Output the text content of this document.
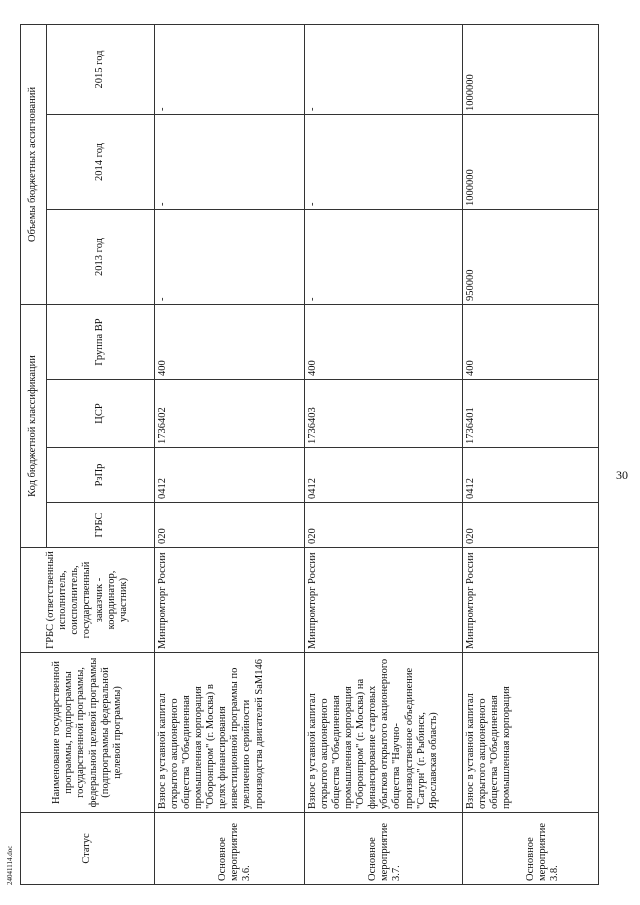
24041114.doc	Статус	Наименование государственной программы, подпрограммы государственной программы, федеральной целевой программы (подпрограммы федеральной целевой программы)	ГРБС (ответственный исполнитель, соисполнитель, государственный заказчик - координатор, участник)	Код бюджетной классификации				Объемы бюджетных ассигнований		
			ГРБС	РзПр	ЦСР	Группа ВР	2013 год	2014 год	2015 год
Основное мероприятие 3.6.	Взнос в уставной капитал открытого акционерного общества "Объединенная промышленная корпорация "Оборонпром" (г. Москва) в целях финансирования инвестиционной программы по увеличению серийности производства двигателей SaM146	Минпромторг России	020	0412	1736402	400	-	-	-
Основное мероприятие 3.7.	Взнос в уставной капитал открытого акционерного общества "Объединенная промышленная корпорация "Оборонпром" (г. Москва) на финансирование стартовых убытков открытого акционерного общества "Научно-производственное объединение "Сатурн" (г. Рыбинск, Ярославская область)	Минпромторг России	020	0412	1736403	400	-	-	-
Основное мероприятие 3.8.	Взнос в уставной капитал открытого акционерного общества "Объединенная промышленная корпорация	Минпромторг России	020	0412	1736401	400	950000	1000000	1000000
30
